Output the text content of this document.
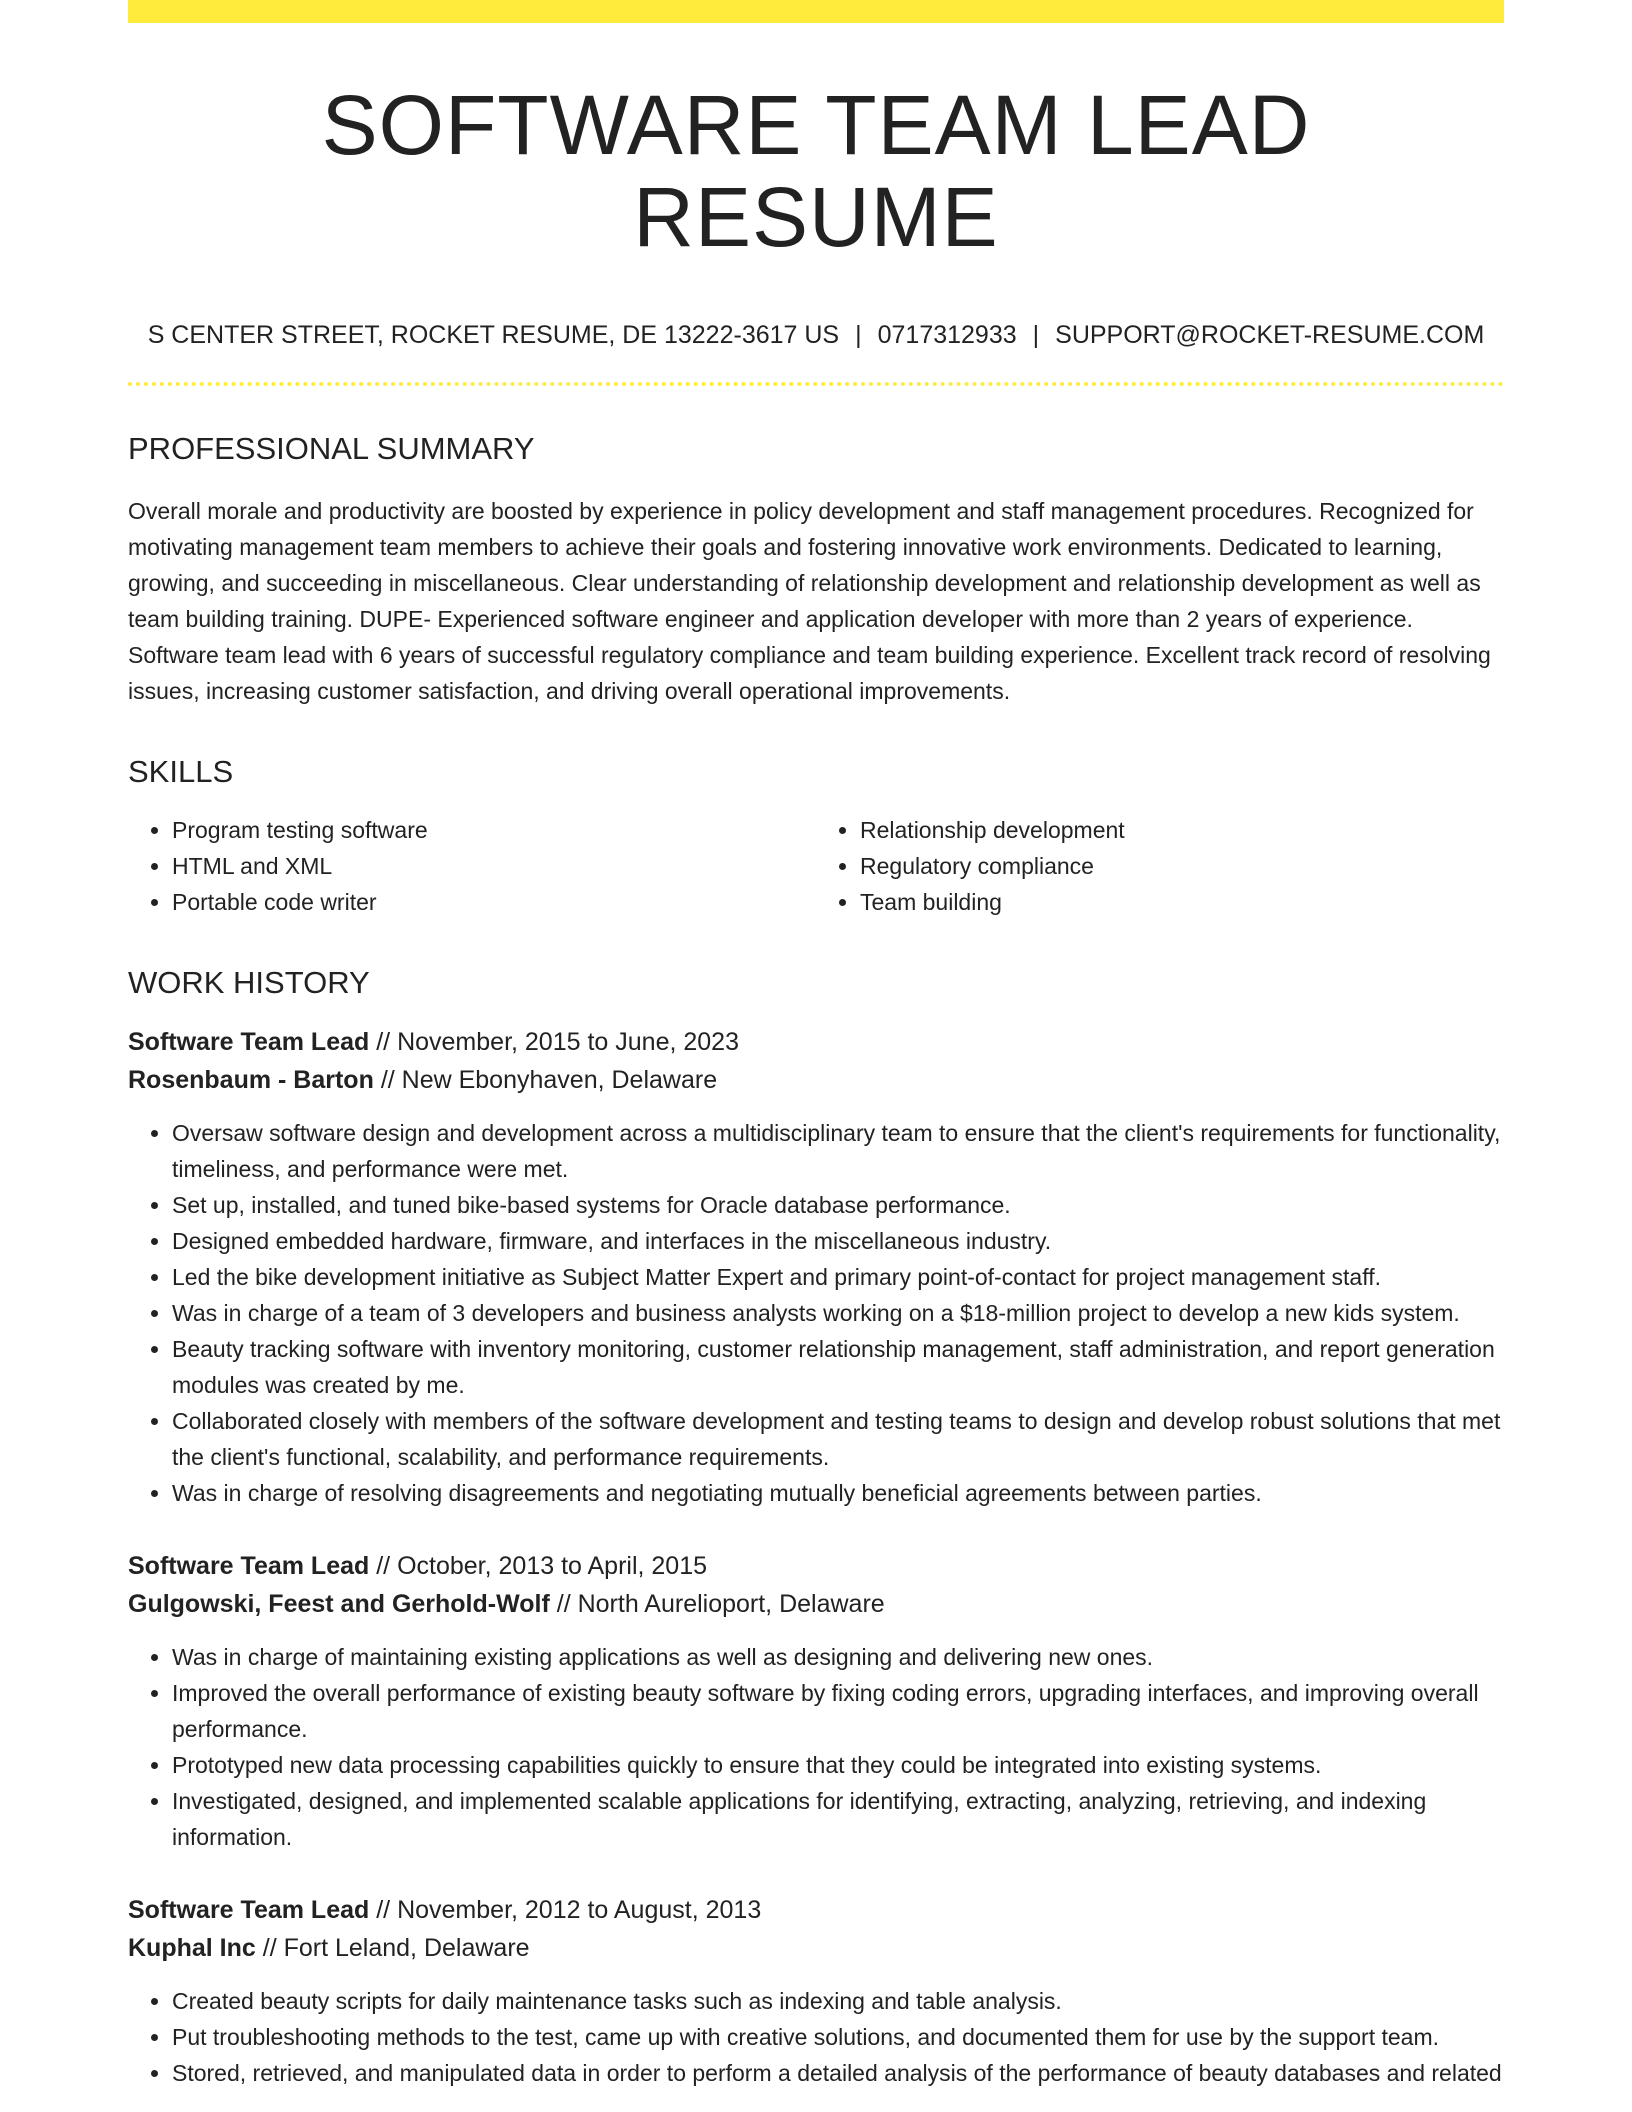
SOFTWARE TEAM LEAD RESUME
S CENTER STREET, ROCKET RESUME, DE 13222-3617 US | 0717312933 | SUPPORT@ROCKET-RESUME.COM
PROFESSIONAL SUMMARY
Overall morale and productivity are boosted by experience in policy development and staff management procedures. Recognized for motivating management team members to achieve their goals and fostering innovative work environments. Dedicated to learning, growing, and succeeding in miscellaneous. Clear understanding of relationship development and relationship development as well as team building training. DUPE- Experienced software engineer and application developer with more than 2 years of experience. Software team lead with 6 years of successful regulatory compliance and team building experience. Excellent track record of resolving issues, increasing customer satisfaction, and driving overall operational improvements.
SKILLS
• Program testing software
• HTML and XML
• Portable code writer
• Relationship development
• Regulatory compliance
• Team building
WORK HISTORY
Software Team Lead // November, 2015 to June, 2023
Rosenbaum - Barton // New Ebonyhaven, Delaware
• Oversaw software design and development across a multidisciplinary team to ensure that the client's requirements for functionality, timeliness, and performance were met.
• Set up, installed, and tuned bike-based systems for Oracle database performance.
• Designed embedded hardware, firmware, and interfaces in the miscellaneous industry.
• Led the bike development initiative as Subject Matter Expert and primary point-of-contact for project management staff.
• Was in charge of a team of 3 developers and business analysts working on a $18-million project to develop a new kids system.
• Beauty tracking software with inventory monitoring, customer relationship management, staff administration, and report generation modules was created by me.
• Collaborated closely with members of the software development and testing teams to design and develop robust solutions that met the client's functional, scalability, and performance requirements.
• Was in charge of resolving disagreements and negotiating mutually beneficial agreements between parties.
Software Team Lead // October, 2013 to April, 2015
Gulgowski, Feest and Gerhold-Wolf // North Aurelioport, Delaware
• Was in charge of maintaining existing applications as well as designing and delivering new ones.
• Improved the overall performance of existing beauty software by fixing coding errors, upgrading interfaces, and improving overall performance.
• Prototyped new data processing capabilities quickly to ensure that they could be integrated into existing systems.
• Investigated, designed, and implemented scalable applications for identifying, extracting, analyzing, retrieving, and indexing information.
Software Team Lead // November, 2012 to August, 2013
Kuphal Inc // Fort Leland, Delaware
• Created beauty scripts for daily maintenance tasks such as indexing and table analysis.
• Put troubleshooting methods to the test, came up with creative solutions, and documented them for use by the support team.
• Stored, retrieved, and manipulated data in order to perform a detailed analysis of the performance of beauty databases and related
